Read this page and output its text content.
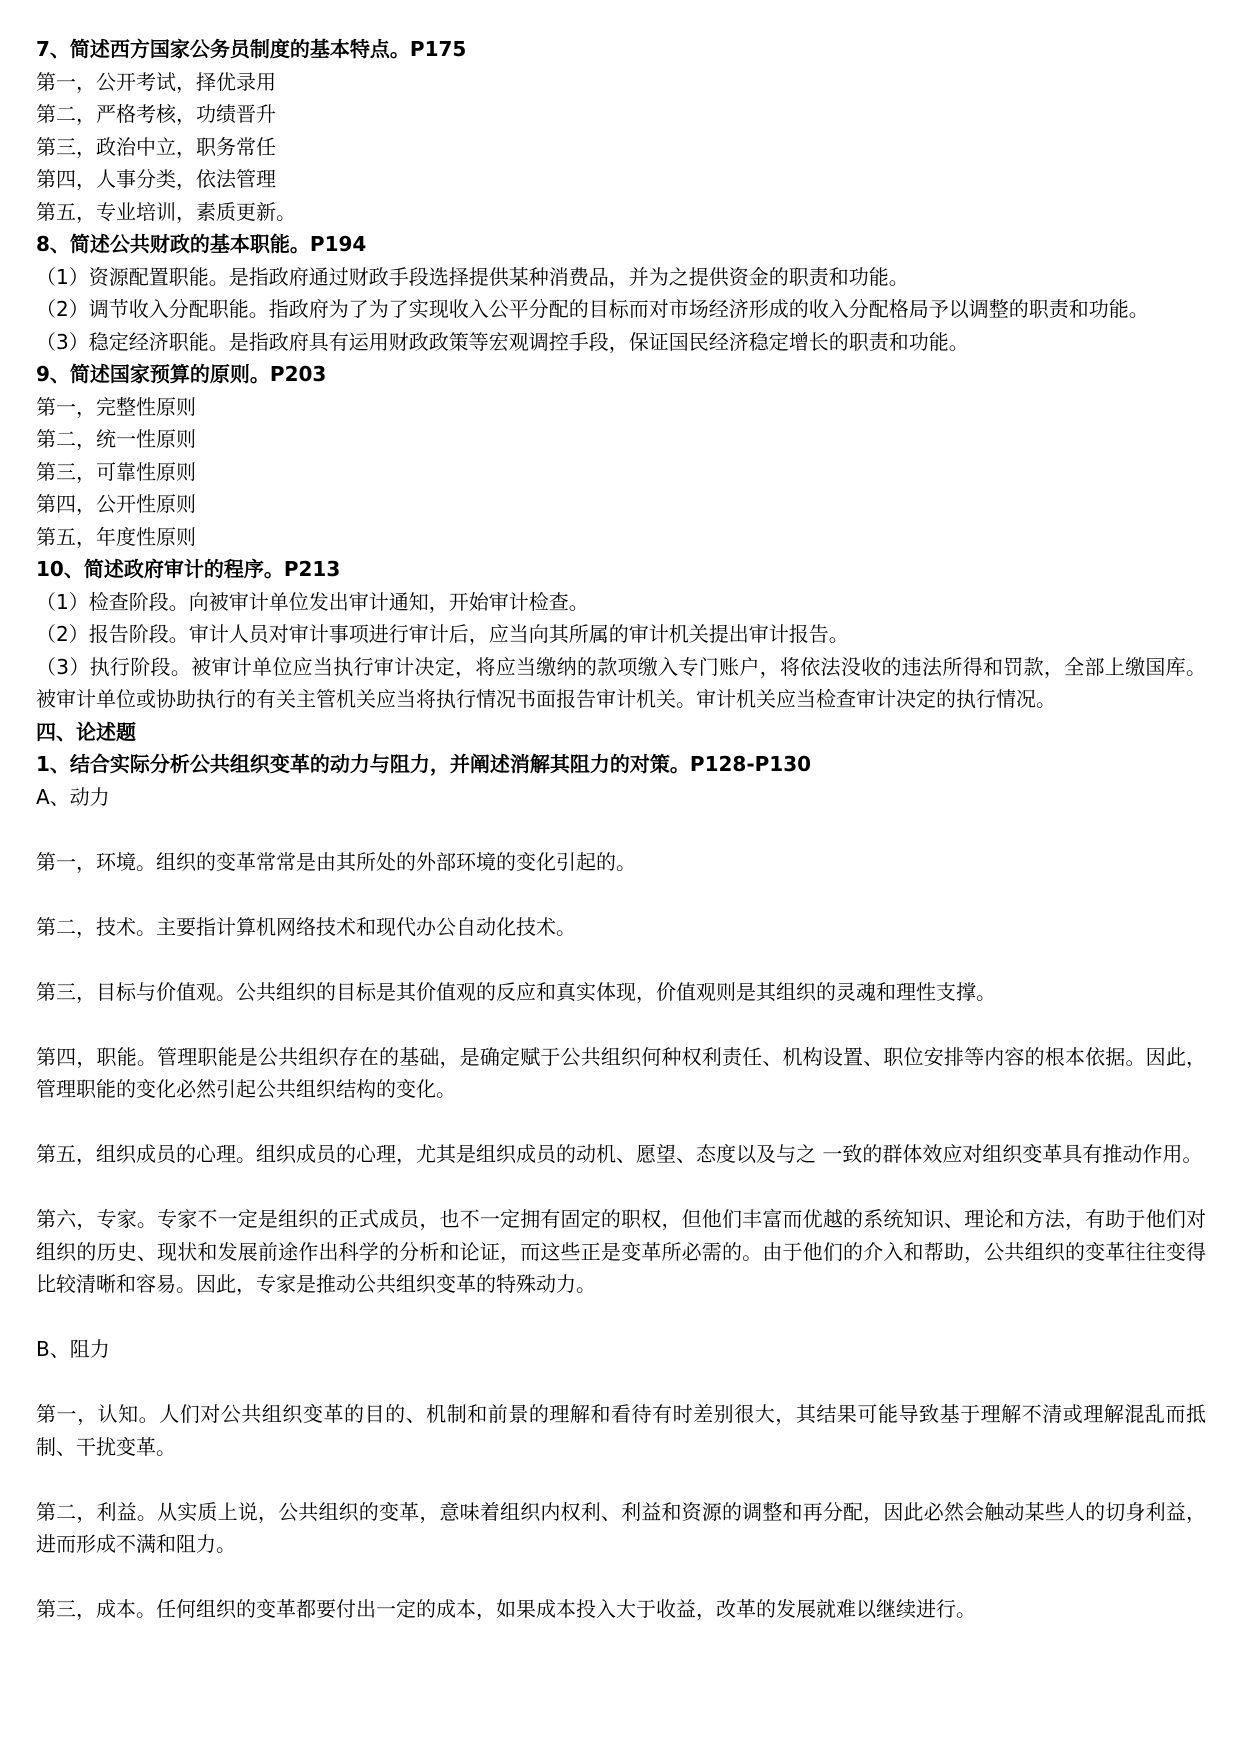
7、简述西方国家公务员制度的基本特点。P175
第一，公开考试，择优录用
第二，严格考核，功绩晋升
第三，政治中立，职务常任
第四，人事分类，依法管理
第五，专业培训，素质更新。
8、简述公共财政的基本职能。P194
（1）资源配置职能。是指政府通过财政手段选择提供某种消费品，并为之提供资金的职责和功能。
（2）调节收入分配职能。指政府为了为了实现收入公平分配的目标而对市场经济形成的收入分配格局予以调整的职责和功能。
（3）稳定经济职能。是指政府具有运用财政政策等宏观调控手段，保证国民经济稳定增长的职责和功能。
9、简述国家预算的原则。P203
第一，完整性原则
第二，统一性原则
第三，可靠性原则
第四，公开性原则
第五，年度性原则
10、简述政府审计的程序。P213
（1）检查阶段。向被审计单位发出审计通知，开始审计检查。
（2）报告阶段。审计人员对审计事项进行审计后，应当向其所属的审计机关提出审计报告。
（3）执行阶段。被审计单位应当执行审计决定，将应当缴纳的款项缴入专门账户，将依法没收的违法所得和罚款，全部上缴国库。被审计单位或协助执行的有关主管机关应当将执行情况书面报告审计机关。审计机关应当检查审计决定的执行情况。
四、论述题
1、结合实际分析公共组织变革的动力与阻力，并阐述消解其阻力的对策。P128-P130
A、动力
第一，环境。组织的变革常常是由其所处的外部环境的变化引起的。
第二，技术。主要指计算机网络技术和现代办公自动化技术。
第三，目标与价值观。公共组织的目标是其价值观的反应和真实体现，价值观则是其组织的灵魂和理性支撑。
第四，职能。管理职能是公共组织存在的基础，是确定赋于公共组织何种权利责任、机构设置、职位安排等内容的根本依据。因此，管理职能的变化必然引起公共组织结构的变化。
第五，组织成员的心理。组织成员的心理，尤其是组织成员的动机、愿望、态度以及与之 一致的群体效应对组织变革具有推动作用。
第六，专家。专家不一定是组织的正式成员，也不一定拥有固定的职权，但他们丰富而优越的系统知识、理论和方法，有助于他们对组织的历史、现状和发展前途作出科学的分析和论证，而这些正是变革所必需的。由于他们的介入和帮助，公共组织的变革往往变得比较清晰和容易。因此，专家是推动公共组织变革的特殊动力。
B、阻力
第一，认知。人们对公共组织变革的目的、机制和前景的理解和看待有时差别很大，其结果可能导致基于理解不清或理解混乱而抵制、干扰变革。
第二，利益。从实质上说，公共组织的变革，意味着组织内权利、利益和资源的调整和再分配，因此必然会触动某些人的切身利益，进而形成不满和阻力。
第三，成本。任何组织的变革都要付出一定的成本，如果成本投入大于收益，改革的发展就难以继续进行。
